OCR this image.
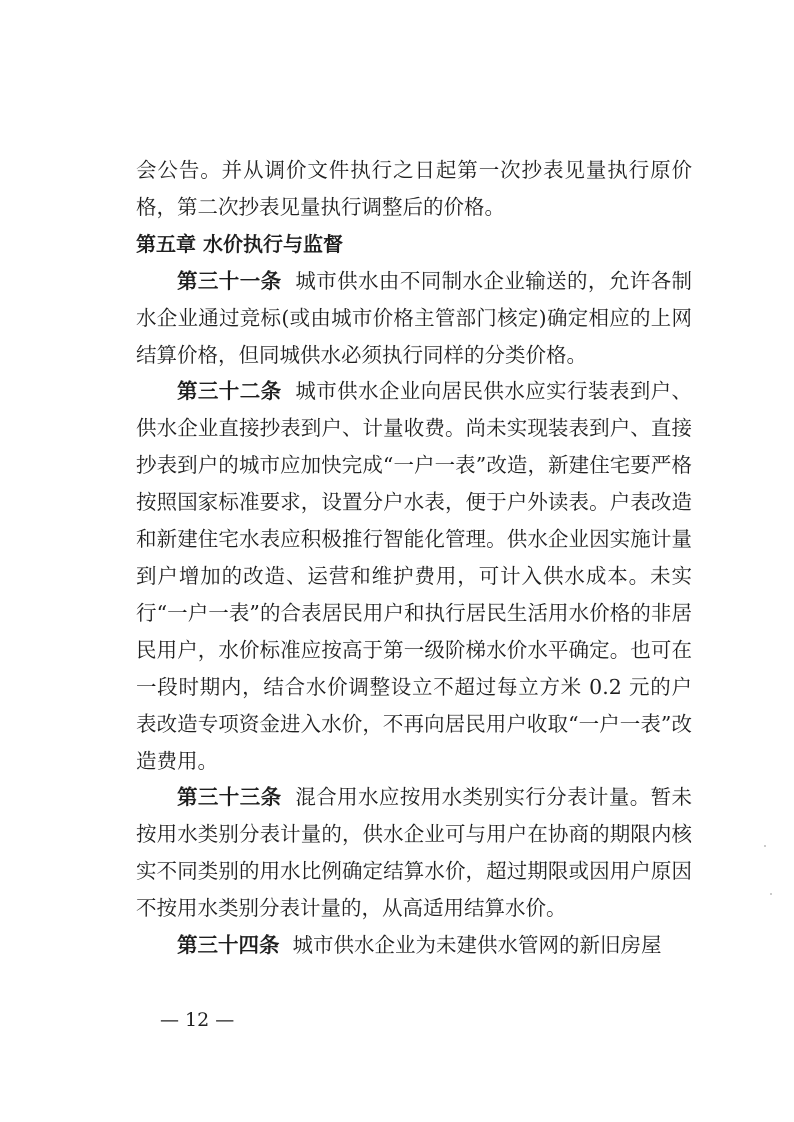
会公告。并从调价文件执行之日起第一次抄表见量执行原价格，第二次抄表见量执行调整后的价格。

第五章 水价执行与监督

第三十一条 城市供水由不同制水企业输送的，允许各制水企业通过竞标(或由城市价格主管部门核定)确定相应的上网结算价格，但同城供水必须执行同样的分类价格。

第三十二条 城市供水企业向居民供水应实行装表到户、供水企业直接抄表到户、计量收费。尚未实现装表到户、直接抄表到户的城市应加快完成“一户一表”改造，新建住宅要严格按照国家标准要求，设置分户水表，便于户外读表。户表改造和新建住宅水表应积极推行智能化管理。供水企业因实施计量到户增加的改造、运营和维护费用，可计入供水成本。未实行“一户一表”的合表居民用户和执行居民生活用水价格的非居民用户，水价标准应按高于第一级阶梯水价水平确定。也可在一段时期内，结合水价调整设立不超过每立方米 0.2 元的户表改造专项资金进入水价，不再向居民用户收取“一户一表”改造费用。

第三十三条 混合用水应按用水类别实行分表计量。暂未按用水类别分表计量的，供水企业可与用户在协商的期限内核实不同类别的用水比例确定结算水价，超过期限或因用户原因不按用水类别分表计量的，从高适用结算水价。

第三十四条 城市供水企业为未建供水管网的新旧房屋

— 12 —
